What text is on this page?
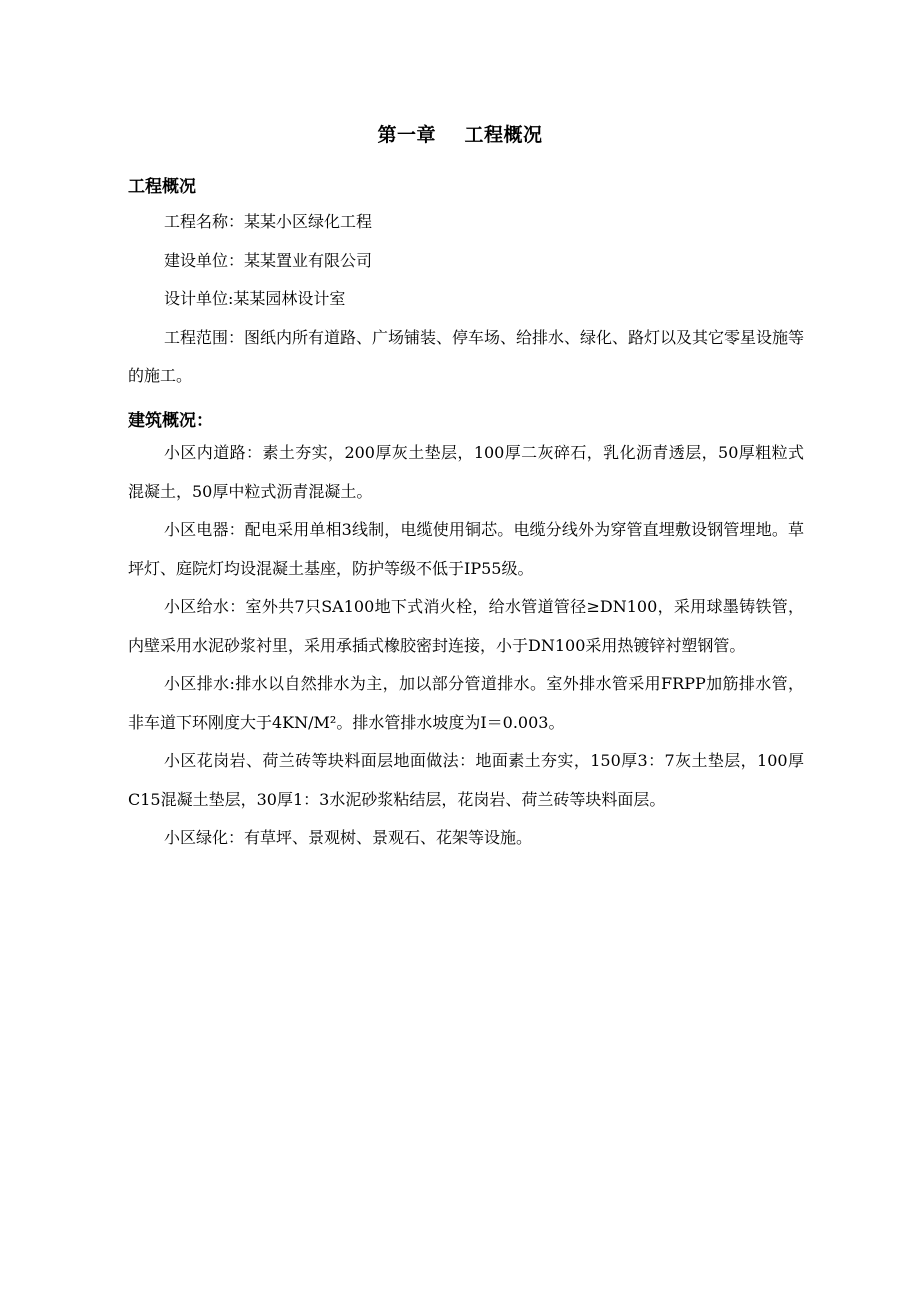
第一章    工程概况
工程概况

工程名称：某某小区绿化工程

建设单位：某某置业有限公司

设计单位:某某园林设计室

工程范围：图纸内所有道路、广场铺装、停车场、给排水、绿化、路灯以及其它零星设施等的施工。

建筑概况：

小区内道路：素土夯实，200厚灰土垫层，100厚二灰碎石，乳化沥青透层，50厚粗粒式混凝土，50厚中粒式沥青混凝土。

小区电器：配电采用单相3线制，电缆使用铜芯。电缆分线外为穿管直埋敷设钢管埋地。草坪灯、庭院灯均设混凝土基座，防护等级不低于IP55级。

小区给水：室外共7只SA100地下式消火栓，给水管道管径≥DN100，采用球墨铸铁管，内壁采用水泥砂浆衬里，采用承插式橡胶密封连接，小于DN100采用热镀锌衬塑钢管。

小区排水:排水以自然排水为主，加以部分管道排水。室外排水管采用FRPP加筋排水管，非车道下环刚度大于4KN/M²。排水管排水坡度为I＝0.003。

小区花岗岩、荷兰砖等块料面层地面做法：地面素土夯实，150厚3：7灰土垫层，100厚C15混凝土垫层，30厚1：3水泥砂浆粘结层，花岗岩、荷兰砖等块料面层。

小区绿化：有草坪、景观树、景观石、花架等设施。
